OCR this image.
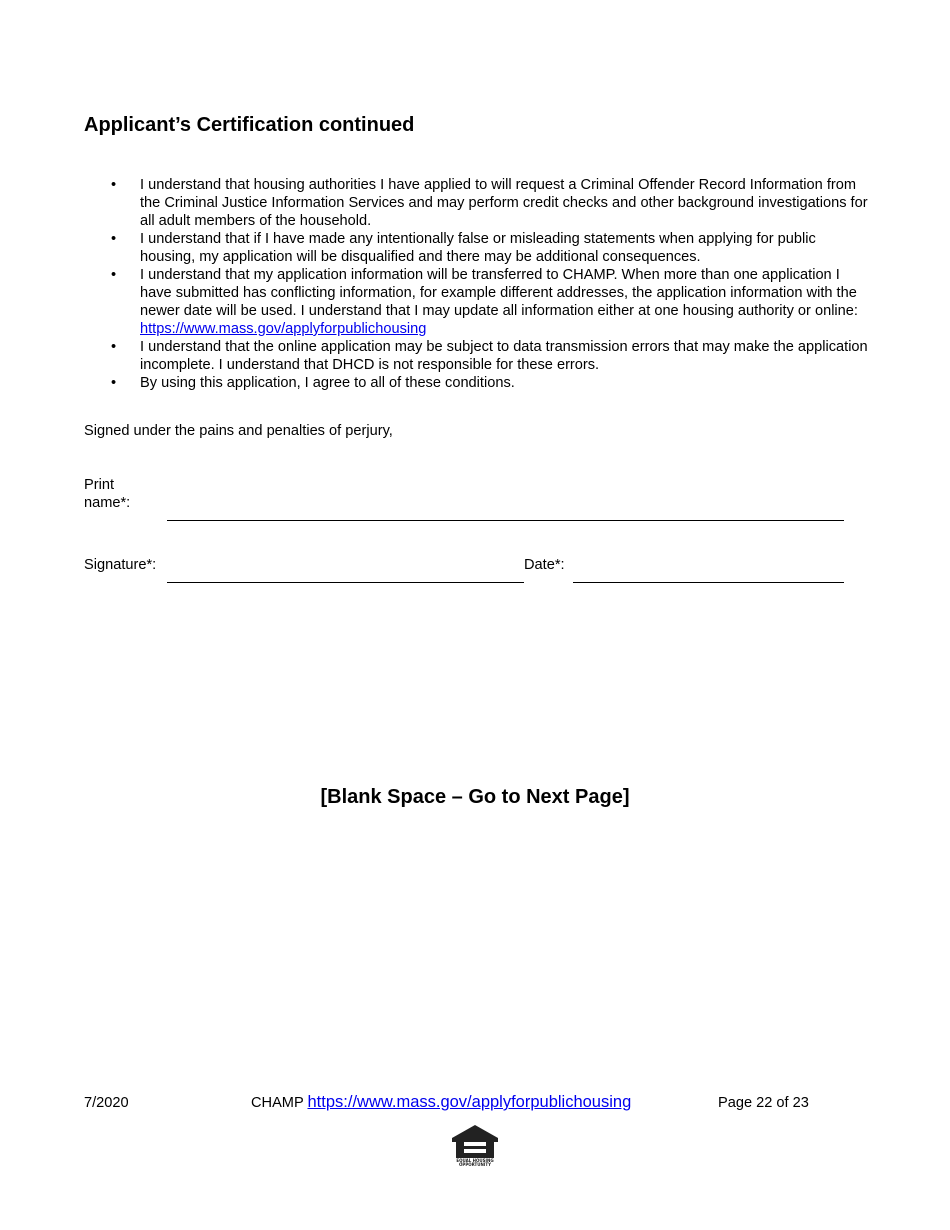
Applicant’s Certification continued
• I understand that housing authorities I have applied to will request a Criminal Offender Record Information from the Criminal Justice Information Services and may perform credit checks and other background investigations for all adult members of the household.
• I understand that if I have made any intentionally false or misleading statements when applying for public housing, my application will be disqualified and there may be additional consequences.
• I understand that my application information will be transferred to CHAMP. When more than one application I have submitted has conflicting information, for example different addresses, the application information with the newer date will be used. I understand that I may update all information either at one housing authority or online: https://www.mass.gov/applyforpublichousing
• I understand that the online application may be subject to data transmission errors that may make the application incomplete. I understand that DHCD is not responsible for these errors.
• By using this application, I agree to all of these conditions.
Signed under the pains and penalties of perjury,
Print
name*:
Signature*:	Date*:
[Blank Space – Go to Next Page]
7/2020	CHAMP https://www.mass.gov/applyforpublichousing	Page 22 of 23
EQUAL HOUSING
OPPORTUNITY
